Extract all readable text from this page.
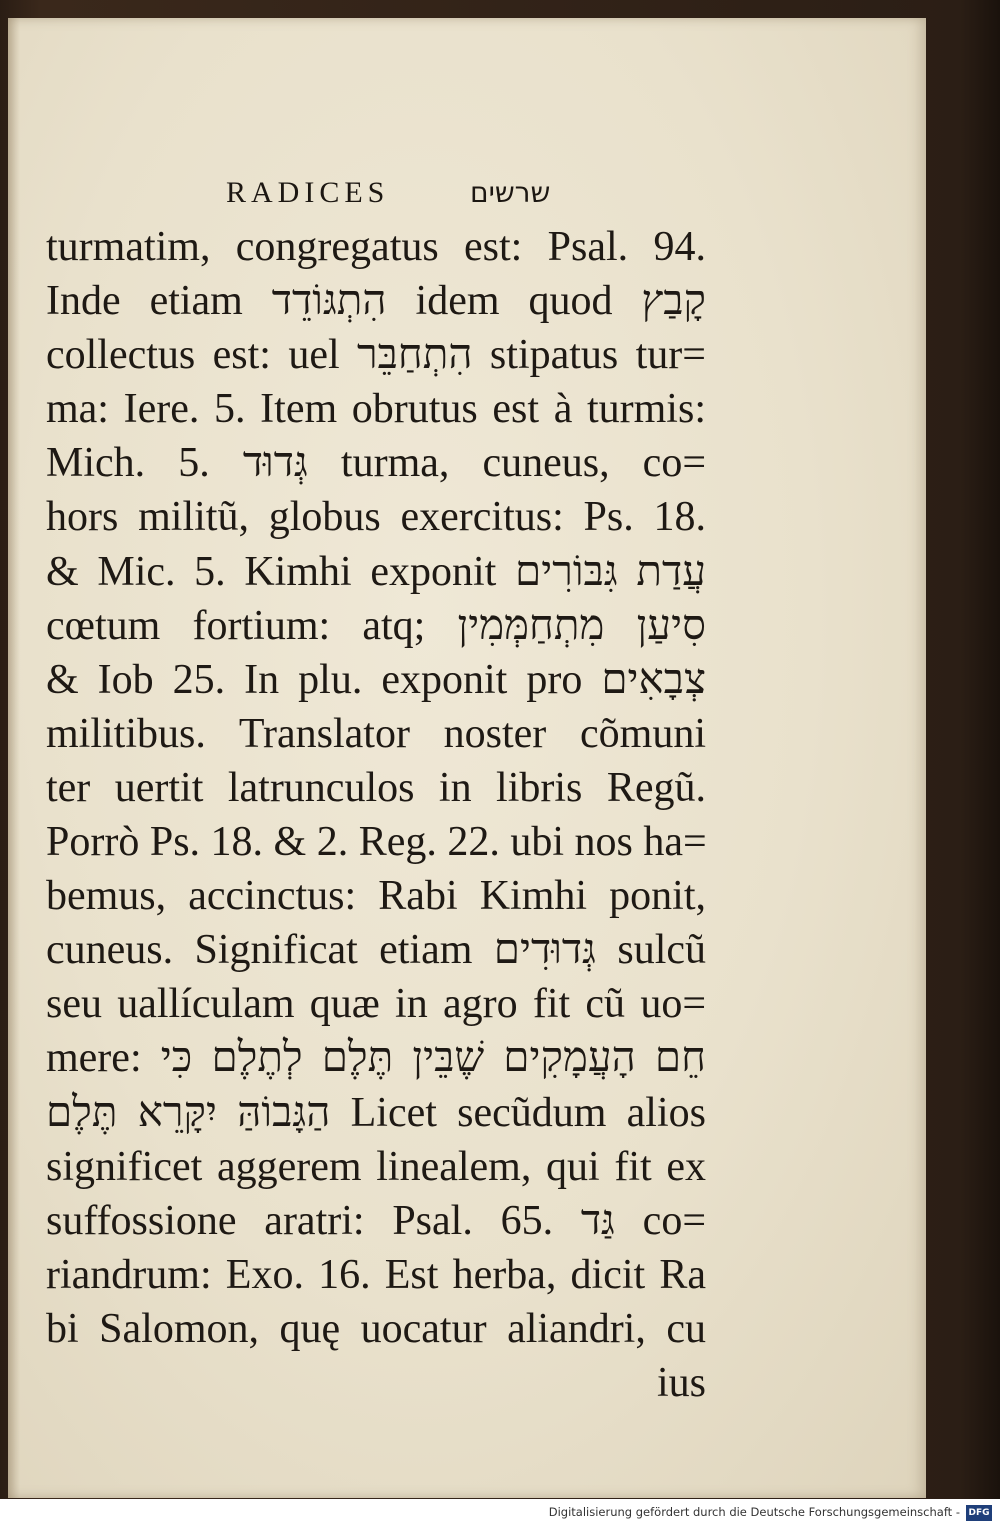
RADICES	שרשים
turmatim, congregatus est: Psal. 94.
Inde etiam הִתְגּוֹדֵד idem quod קָבַץ
collectus est: uel הִתְחַבֵּר stipatus tur=
ma: Iere. 5. Item obrutus est à turmis:
Mich. 5. גְּדוּד turma, cuneus, co=
hors militũ, globus exercitus: Ps. 18.
& Mic. 5. Kimhi exponit עֲדַת גִּבּוֹרִים
cœtum fortium: atq; סִיעַן מִתְחַמְּמִין
& Iob 25. In plu. exponit pro צְבָאִים
militibus. Translator noster cõmuni
ter uertit latrunculos in libris Regũ.
Porrò Ps. 18. & 2. Reg. 22. ubi nos ha=
bemus, accinctus: Rabi Kimhi ponit,
cuneus. Significat etiam גְּדוּדִים sulcũ
seu uallículam quæ in agro fit cũ uo=
mere: חֵם הָעֲמָקִים שֶׁבֵּין תֶּלֶם לְתֶלֶם כִּי
הַגָּבוֹהַּ יִקָּרֵא תֶּלֶם Licet secũdum alios
significet aggerem linealem, qui fit ex
suffossione aratri: Psal. 65. גַּד co=
riandrum: Exo. 16. Est herba, dicit Ra
bi Salomon, quę uocatur aliandri, cu
ius
Digitalisierung gefördert durch die Deutsche Forschungsgemeinschaft - DFG
